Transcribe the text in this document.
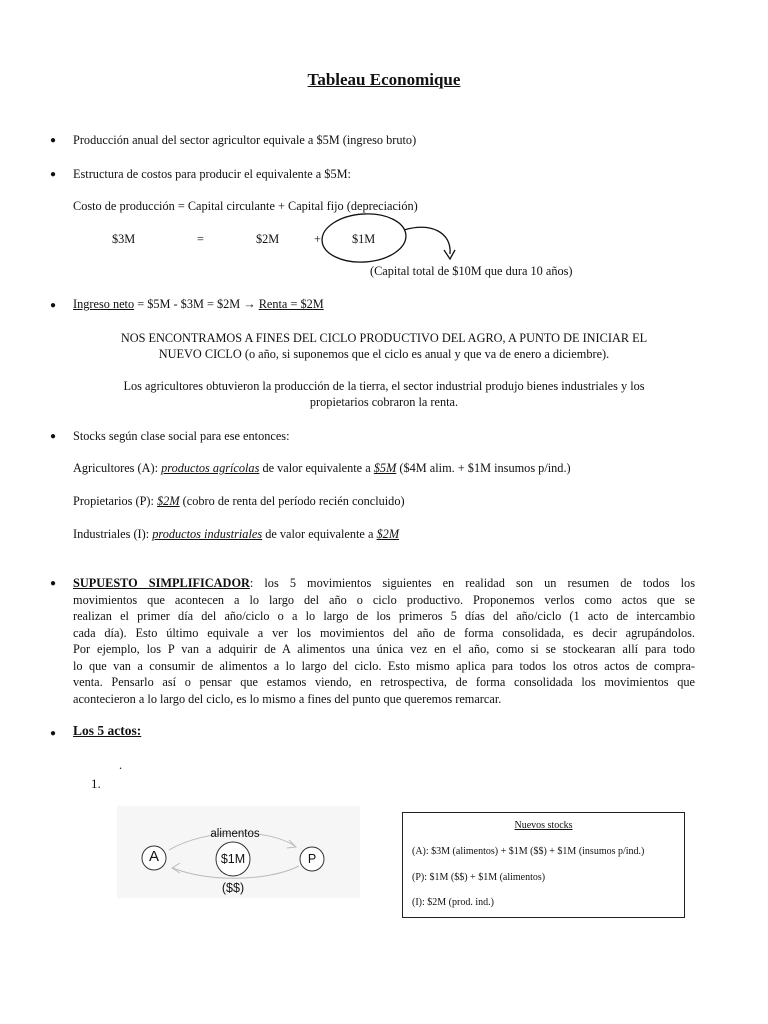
Tableau Economique
● Producción anual del sector agricultor equivale a $5M (ingreso bruto)
● Estructura de costos para producir el equivalente a $5M:
Costo de producción = Capital circulante + Capital fijo (depreciación)
$3M	=	$2M	+	$1M
(Capital total de $10M que dura 10 años)
● Ingreso neto = $5M - $3M = $2M → Renta = $2M
NOS ENCONTRAMOS A FINES DEL CICLO PRODUCTIVO DEL AGRO, A PUNTO DE INICIAR EL
NUEVO CICLO (o año, si suponemos que el ciclo es anual y que va de enero a diciembre).
Los agricultores obtuvieron la producción de la tierra, el sector industrial produjo bienes industriales y los
propietarios cobraron la renta.
● Stocks según clase social para ese entonces:
Agricultores (A): productos agrícolas de valor equivalente a $5M ($4M alim. + $1M insumos p/ind.)
Propietarios (P): $2M (cobro de renta del período recién concluido)
Industriales (I): productos industriales de valor equivalente a $2M
● SUPUESTO SIMPLIFICADOR: los 5 movimientos siguientes en realidad son un resumen de todos los
movimientos que acontecen a lo largo del año o ciclo productivo. Proponemos verlos como actos que se
realizan el primer día del año/ciclo o a lo largo de los primeros 5 días del año/ciclo (1 acto de intercambio
cada día). Esto último equivale a ver los movimientos del año de forma consolidada, es decir agrupándolos.
Por ejemplo, los P van a adquirir de A alimentos una única vez en el año, como si se stockearan allí para todo
lo que van a consumir de alimentos a lo largo del ciclo. Esto mismo aplica para todos los otros actos de compra-
venta. Pensarlo así o pensar que estamos viendo, en retrospectiva, de forma consolidada los movimientos que
acontecieron a lo largo del ciclo, es lo mismo a fines del punto que queremos remarcar.
● Los 5 actos:
.
1.
alimentos
A	$1M	P
($$)
Nuevos stocks
(A): $3M (alimentos) + $1M ($$) + $1M (insumos p/ind.)
(P): $1M ($$) + $1M (alimentos)
(I): $2M (prod. ind.)
